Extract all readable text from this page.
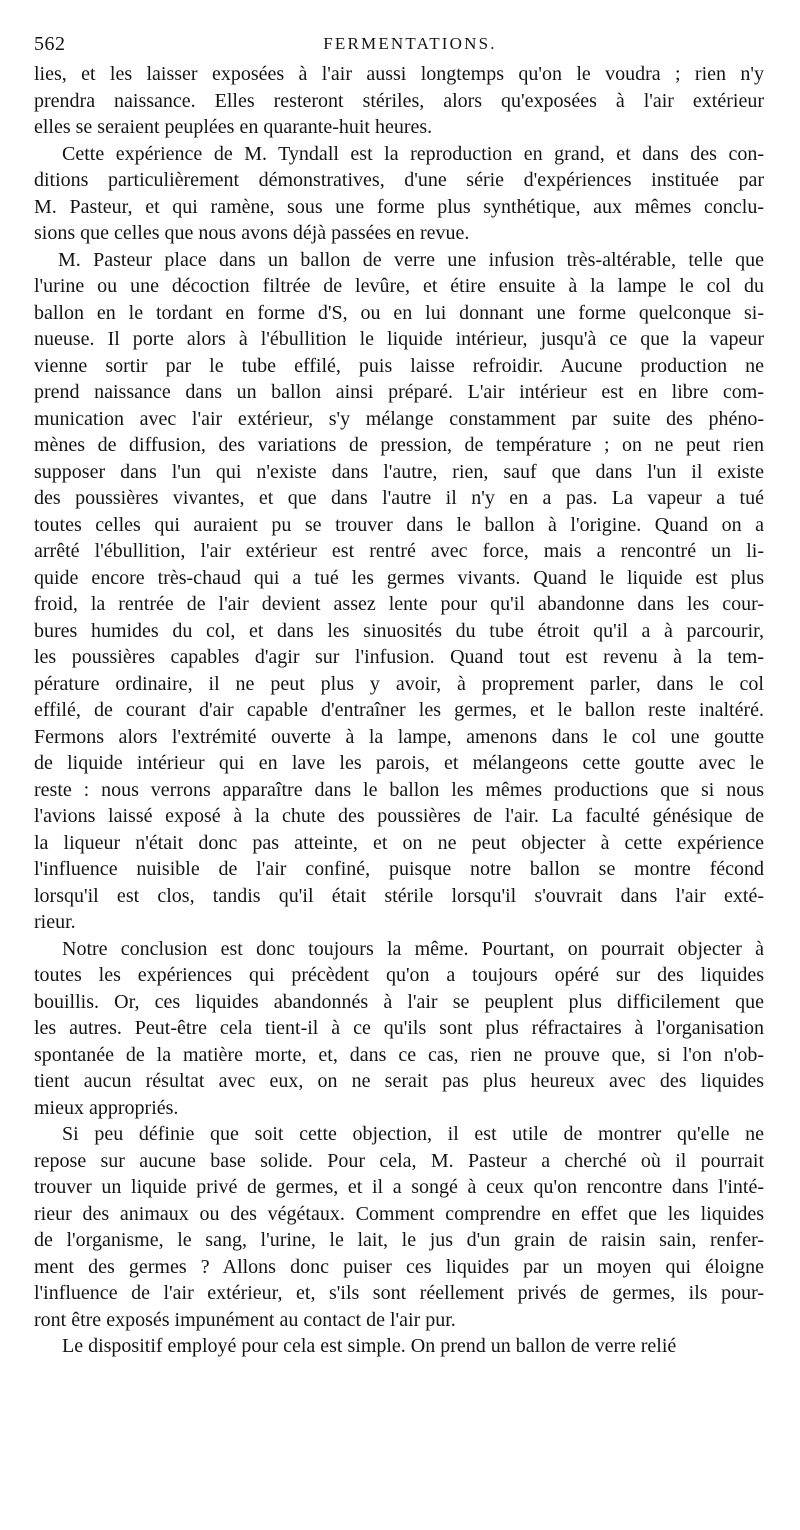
562	FERMENTATIONS.
lies, et les laisser exposées à l'air aussi longtemps qu'on le voudra ; rien n'y
prendra naissance. Elles resteront stériles, alors qu'exposées à l'air extérieur
elles se seraient peuplées en quarante-huit heures.
Cette expérience de M. Tyndall est la reproduction en grand, et dans des con-
ditions particulièrement démonstratives, d'une série d'expériences instituée par
M. Pasteur, et qui ramène, sous une forme plus synthétique, aux mêmes conclu-
sions que celles que nous avons déjà passées en revue.
M. Pasteur place dans un ballon de verre une infusion très-altérable, telle que
l'urine ou une décoction filtrée de levûre, et étire ensuite à la lampe le col du
ballon en le tordant en forme d'S, ou en lui donnant une forme quelconque si-
nueuse. Il porte alors à l'ébullition le liquide intérieur, jusqu'à ce que la vapeur
vienne sortir par le tube effilé, puis laisse refroidir. Aucune production ne
prend naissance dans un ballon ainsi préparé. L'air intérieur est en libre com-
munication avec l'air extérieur, s'y mélange constamment par suite des phéno-
mènes de diffusion, des variations de pression, de température ; on ne peut rien
supposer dans l'un qui n'existe dans l'autre, rien, sauf que dans l'un il existe
des poussières vivantes, et que dans l'autre il n'y en a pas. La vapeur a tué
toutes celles qui auraient pu se trouver dans le ballon à l'origine. Quand on a
arrêté l'ébullition, l'air extérieur est rentré avec force, mais a rencontré un li-
quide encore très-chaud qui a tué les germes vivants. Quand le liquide est plus
froid, la rentrée de l'air devient assez lente pour qu'il abandonne dans les cour-
bures humides du col, et dans les sinuosités du tube étroit qu'il a à parcourir,
les poussières capables d'agir sur l'infusion. Quand tout est revenu à la tem-
pérature ordinaire, il ne peut plus y avoir, à proprement parler, dans le col
effilé, de courant d'air capable d'entraîner les germes, et le ballon reste inaltéré.
Fermons alors l'extrémité ouverte à la lampe, amenons dans le col une goutte
de liquide intérieur qui en lave les parois, et mélangeons cette goutte avec le
reste : nous verrons apparaître dans le ballon les mêmes productions que si nous
l'avions laissé exposé à la chute des poussières de l'air. La faculté génésique de
la liqueur n'était donc pas atteinte, et on ne peut objecter à cette expérience
l'influence nuisible de l'air confiné, puisque notre ballon se montre fécond
lorsqu'il est clos, tandis qu'il était stérile lorsqu'il s'ouvrait dans l'air exté-
rieur.
Notre conclusion est donc toujours la même. Pourtant, on pourrait objecter à
toutes les expériences qui précèdent qu'on a toujours opéré sur des liquides
bouillis. Or, ces liquides abandonnés à l'air se peuplent plus difficilement que
les autres. Peut-être cela tient-il à ce qu'ils sont plus réfractaires à l'organisation
spontanée de la matière morte, et, dans ce cas, rien ne prouve que, si l'on n'ob-
tient aucun résultat avec eux, on ne serait pas plus heureux avec des liquides
mieux appropriés.
Si peu définie que soit cette objection, il est utile de montrer qu'elle ne
repose sur aucune base solide. Pour cela, M. Pasteur a cherché où il pourrait
trouver un liquide privé de germes, et il a songé à ceux qu'on rencontre dans l'inté-
rieur des animaux ou des végétaux. Comment comprendre en effet que les liquides
de l'organisme, le sang, l'urine, le lait, le jus d'un grain de raisin sain, renfer-
ment des germes ? Allons donc puiser ces liquides par un moyen qui éloigne
l'influence de l'air extérieur, et, s'ils sont réellement privés de germes, ils pour-
ront être exposés impunément au contact de l'air pur.
Le dispositif employé pour cela est simple. On prend un ballon de verre relié
